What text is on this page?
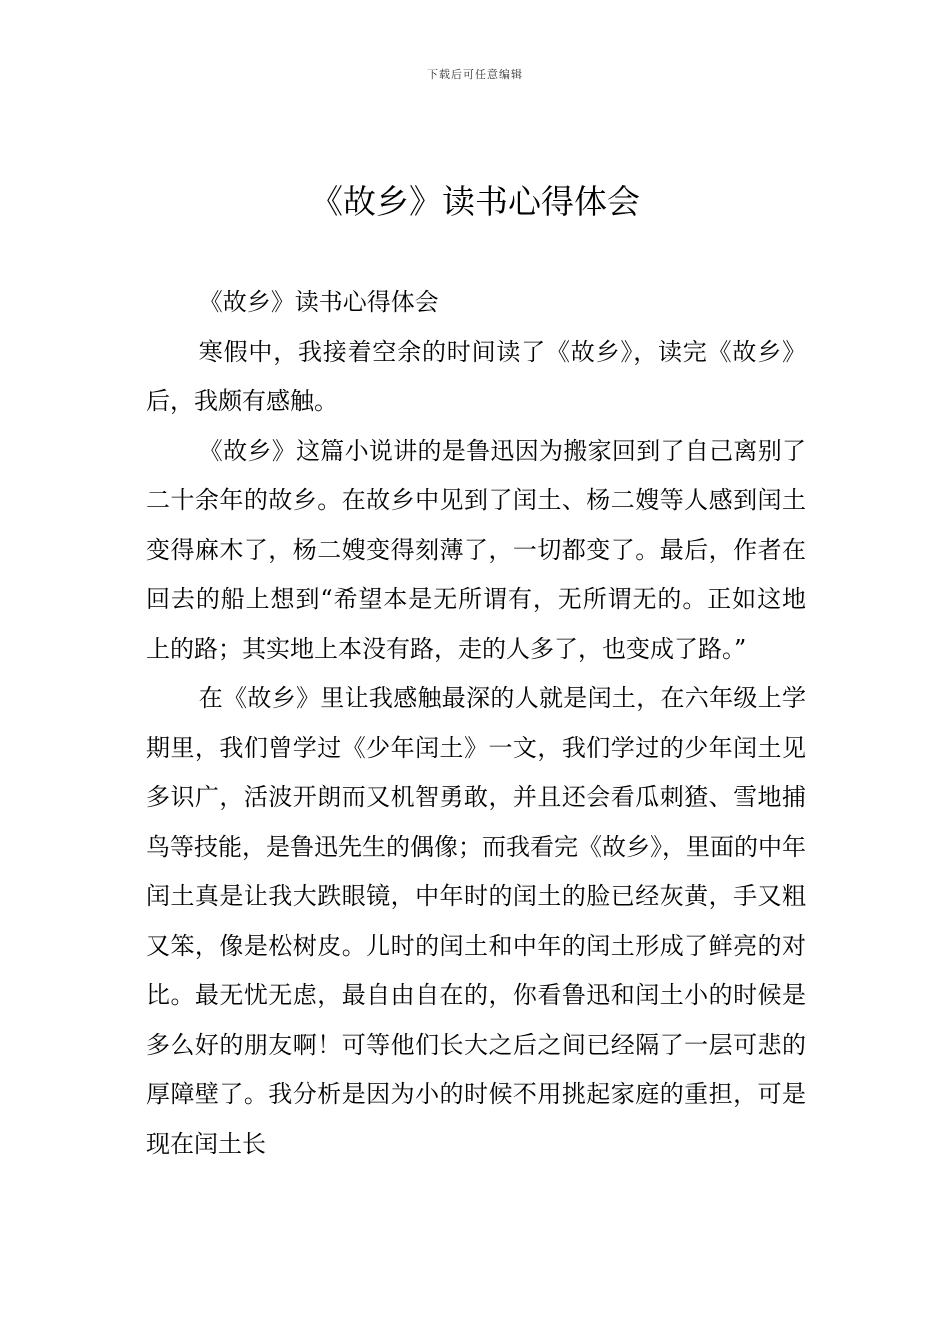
下载后可任意编辑
《故乡》读书心得体会

《故乡》读书心得体会

寒假中，我接着空余的时间读了《故乡》，读完《故乡》后，我颇有感触。

《故乡》这篇小说讲的是鲁迅因为搬家回到了自己离别了二十余年的故乡。在故乡中见到了闰土、杨二嫂等人感到闰土变得麻木了，杨二嫂变得刻薄了，一切都变了。最后，作者在回去的船上想到“希望本是无所谓有，无所谓无的。正如这地上的路；其实地上本没有路，走的人多了，也变成了路。”

在《故乡》里让我感触最深的人就是闰土，在六年级上学期里，我们曾学过《少年闰土》一文，我们学过的少年闰土见多识广，活波开朗而又机智勇敢，并且还会看瓜刺猹、雪地捕鸟等技能，是鲁迅先生的偶像；而我看完《故乡》，里面的中年闰土真是让我大跌眼镜，中年时的闰土的脸已经灰黄，手又粗又笨，像是松树皮。儿时的闰土和中年的闰土形成了鲜亮的对比。最无忧无虑，最自由自在的，你看鲁迅和闰土小的时候是多么好的朋友啊！可等他们长大之后之间已经隔了一层可悲的厚障壁了。我分析是因为小的时候不用挑起家庭的重担，可是现在闰土长
